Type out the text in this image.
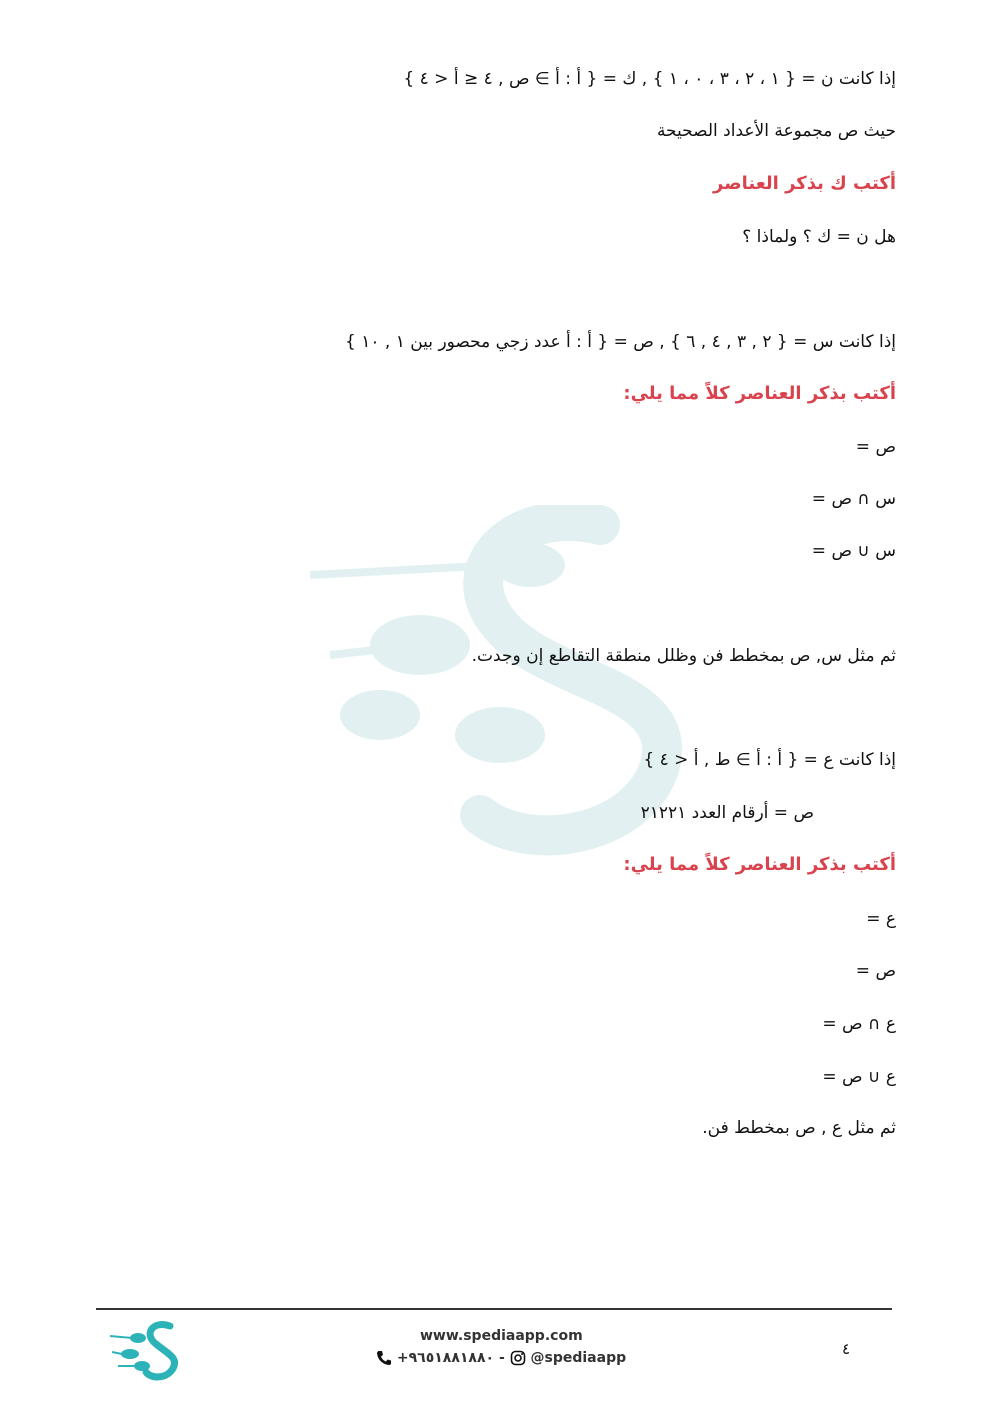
إذا كانت ن = { ١ ، ٢ ، ٣ ، ٠ ، ١ } , ك = { أ : أ ∋ ص , ٤ ≤ أ < ٤ }
حيث ص مجموعة الأعداد الصحيحة
أكتب ك بذكر العناصر
هل ن = ك ؟ ولماذا ؟
إذا كانت س = { ٢ , ٣ , ٤ , ٦ } , ص = { أ : أ عدد زجي محصور بين ١ , ١٠ }
أكتب بذكر العناصر كلاً مما يلي:
ص =
س ∩ ص =
س ∪ ص =
ثم مثل س, ص بمخطط فن وظلل منطقة التقاطع إن وجدت.
إذا كانت ع = { أ : أ ∋ ط , أ < ٤ }
ص = أرقام العدد ٢١٢٢١
أكتب بذكر العناصر كلاً مما يلي:
ع =
ص =
ع ∩ ص =
ع ∪ ص =
ثم مثل ع , ص بمخطط فن.
www.spediaapp.com
+٩٦٥١٨٨١٨٨٠ - @spediaapp	٤
